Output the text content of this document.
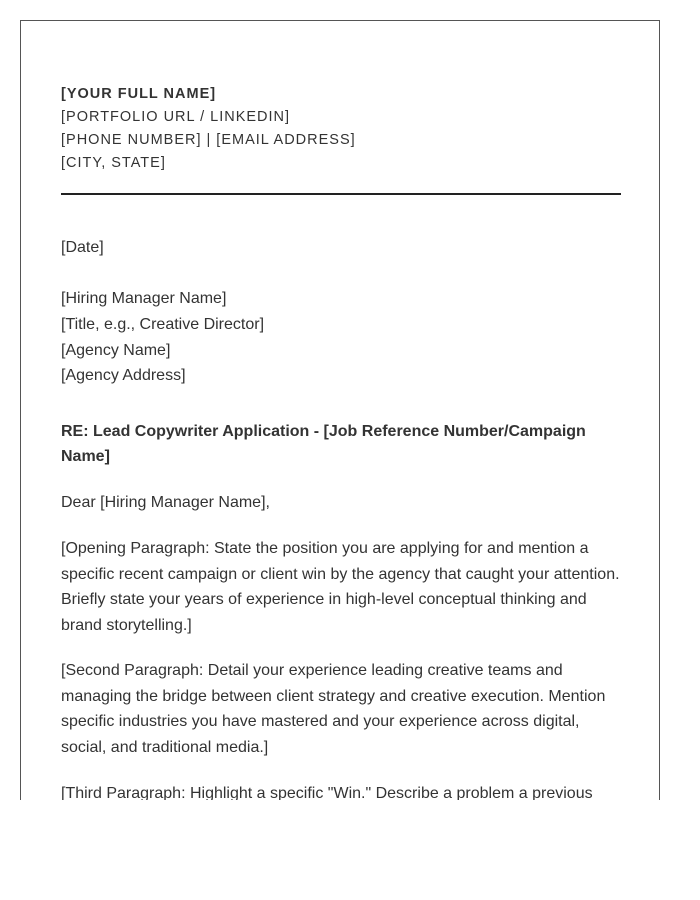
[YOUR FULL NAME]
[PORTFOLIO URL / LINKEDIN]
[PHONE NUMBER] | [EMAIL ADDRESS]
[CITY, STATE]
[Date]
[Hiring Manager Name]
[Title, e.g., Creative Director]
[Agency Name]
[Agency Address]
RE: Lead Copywriter Application - [Job Reference Number/Campaign Name]
Dear [Hiring Manager Name],
[Opening Paragraph: State the position you are applying for and mention a specific recent campaign or client win by the agency that caught your attention. Briefly state your years of experience in high-level conceptual thinking and brand storytelling.]
[Second Paragraph: Detail your experience leading creative teams and managing the bridge between client strategy and creative execution. Mention specific industries you have mastered and your experience across digital, social, and traditional media.]
[Third Paragraph: Highlight a specific "Win." Describe a problem a previous
